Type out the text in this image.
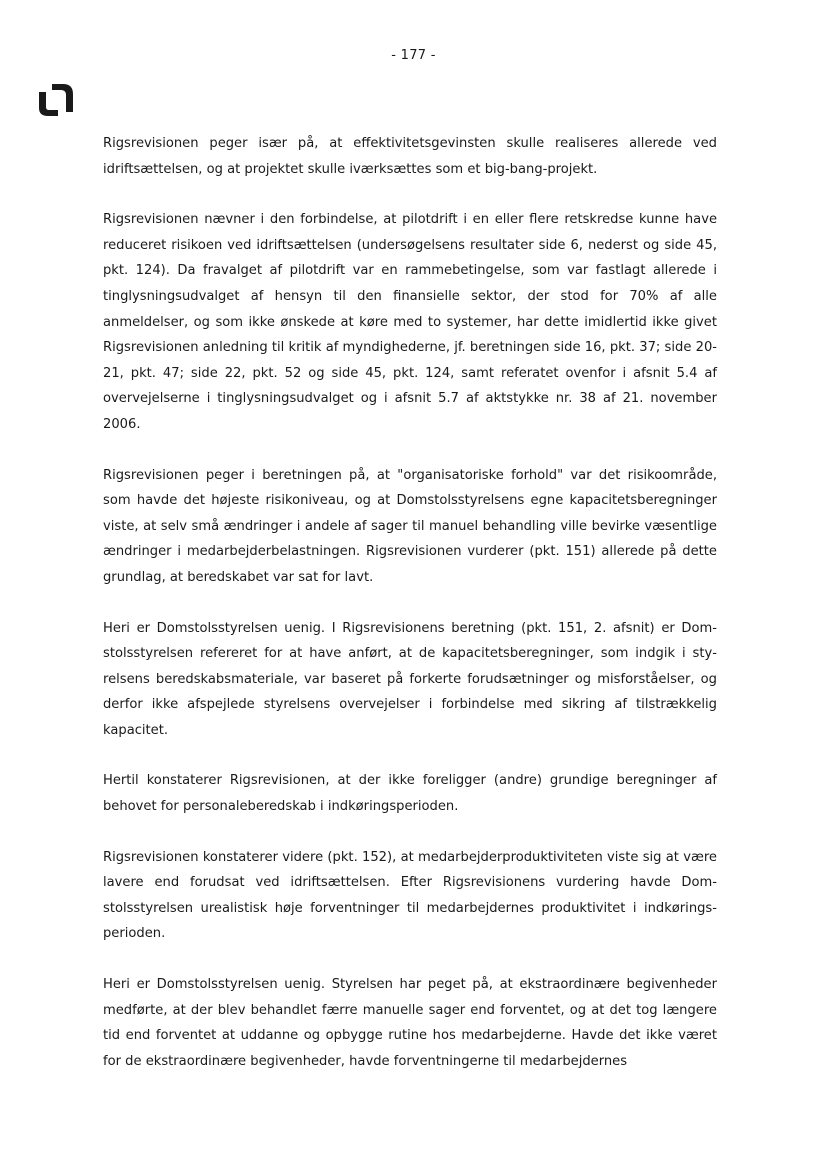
- 177 -

Rigsrevisionen peger især på, at effektivitetsgevinsten skulle realiseres allerede ved idriftsættelsen, og at projektet skulle iværksættes som et big-bang-projekt.

Rigsrevisionen nævner i den forbindelse, at pilotdrift i en eller flere retskredse kunne have reduceret risikoen ved idriftsættelsen (undersøgelsens resultater side 6, nederst og side 45, pkt. 124). Da fravalget af pilotdrift var en rammebetingelse, som var fastlagt allerede i tinglysningsudvalget af hensyn til den finansielle sektor, der stod for 70% af alle anmeldelser, og som ikke ønskede at køre med to systemer, har dette imidlertid ikke givet Rigsrevisionen anledning til kritik af myndighederne, jf. beretningen side 16, pkt. 37; side 20-21, pkt. 47; side 22, pkt. 52 og side 45, pkt. 124, samt referatet ovenfor i afsnit 5.4 af overvejelserne i tinglysningsudvalget og i afsnit 5.7 af aktstykke nr. 38 af 21. november 2006.

Rigsrevisionen peger i beretningen på, at "organisatoriske forhold" var det risikoområde, som havde det højeste risikoniveau, og at Domstolsstyrelsens egne kapacitetsberegninger viste, at selv små ændringer i andele af sager til manuel behandling ville bevirke væsentlige ændringer i medarbejderbelastningen. Rigsrevisionen vurderer (pkt. 151) allerede på dette grundlag, at beredskabet var sat for lavt.

Heri er Domstolsstyrelsen uenig. I Rigsrevisionens beretning (pkt. 151, 2. afsnit) er Domstolsstyrelsen refereret for at have anført, at de kapacitetsberegninger, som indgik i styrelsens beredskabsmateriale, var baseret på forkerte forudsætninger og misforståelser, og derfor ikke afspejlede styrelsens overvejelser i forbindelse med sikring af tilstrækkelig kapacitet.

Hertil konstaterer Rigsrevisionen, at der ikke foreligger (andre) grundige beregninger af behovet for personaleberedskab i indkøringsperioden.

Rigsrevisionen konstaterer videre (pkt. 152), at medarbejderproduktiviteten viste sig at være lavere end forudsat ved idriftsættelsen. Efter Rigsrevisionens vurdering havde Domstolsstyrelsen urealistisk høje forventninger til medarbejdernes produktivitet i indkøringsperioden.

Heri er Domstolsstyrelsen uenig. Styrelsen har peget på, at ekstraordinære begivenheder medførte, at der blev behandlet færre manuelle sager end forventet, og at det tog længere tid end forventet at uddanne og opbygge rutine hos medarbejderne. Havde det ikke været for de ekstraordinære begivenheder, havde forventningerne til medarbejdernes
